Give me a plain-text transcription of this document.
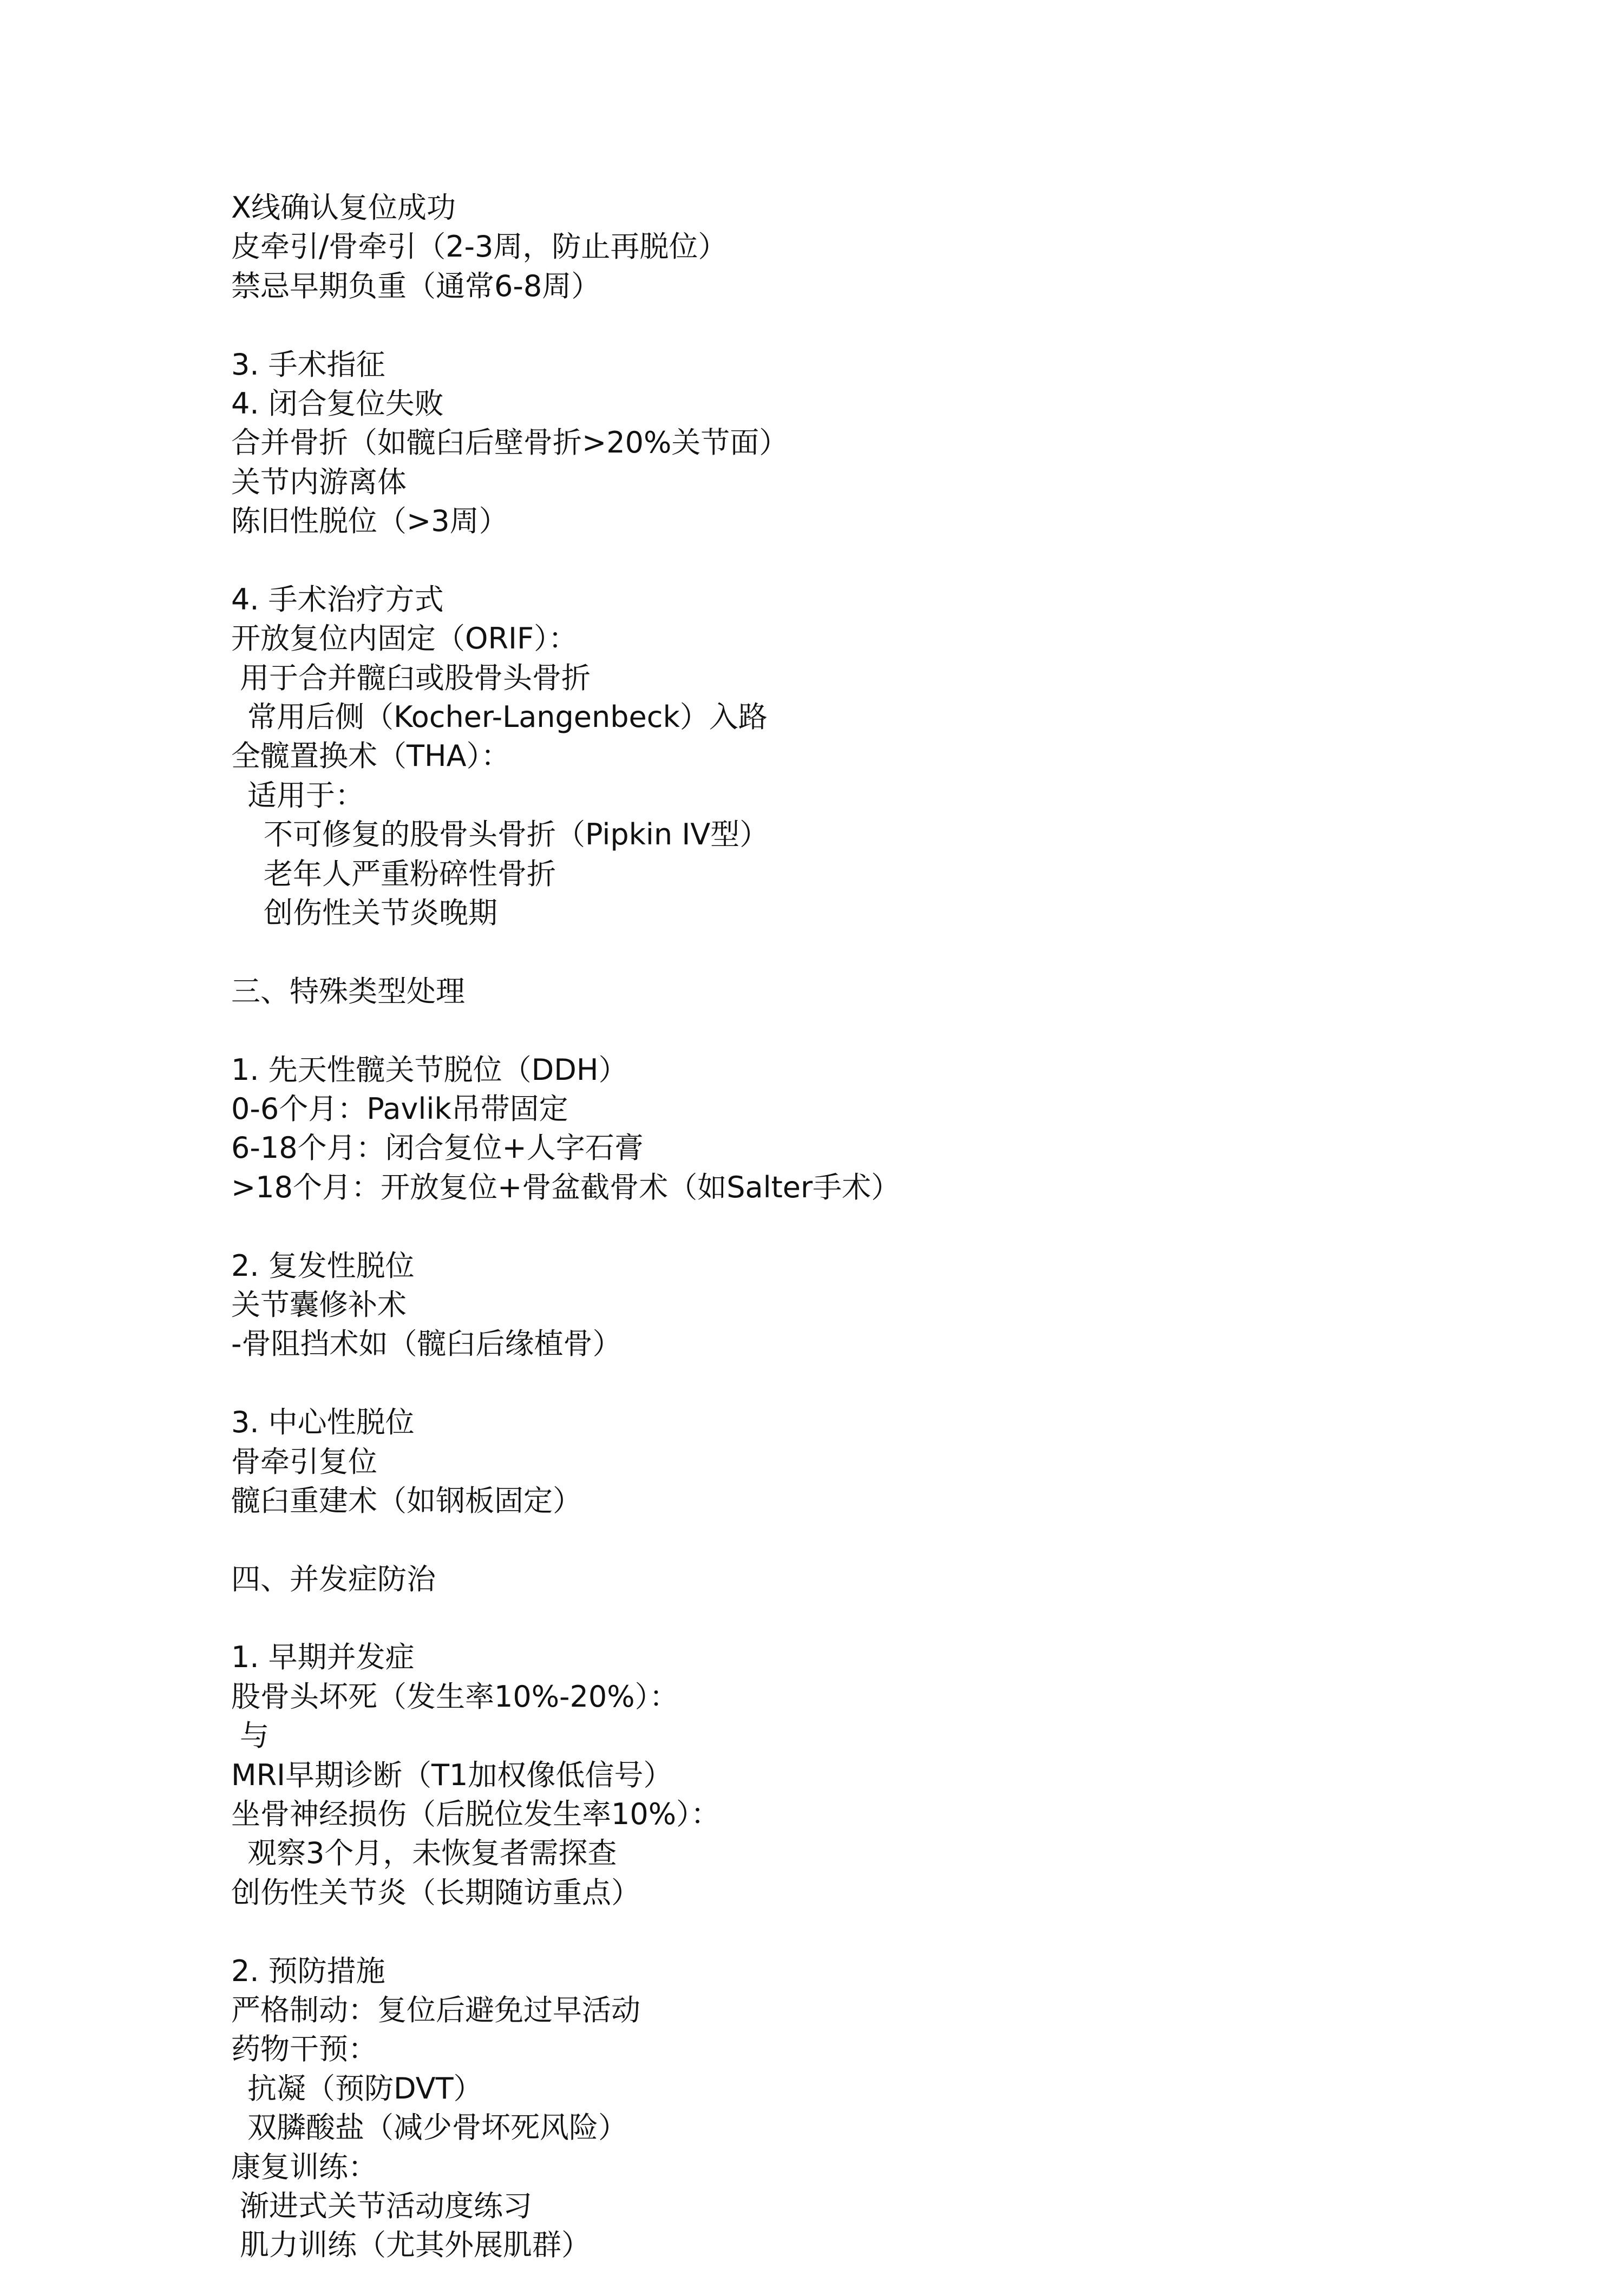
X线确认复位成功
皮牵引/骨牵引（2-3周，防止再脱位）
禁忌早期负重（通常6-8周）
3. 手术指征
4. 闭合复位失败
合并骨折（如髋臼后壁骨折>20%关节面）
关节内游离体
陈旧性脱位（>3周）
4. 手术治疗方式
开放复位内固定（ORIF）：
用于合并髋臼或股骨头骨折
常用后侧（Kocher-Langenbeck）入路
全髋置换术（THA）：
适用于：
不可修复的股骨头骨折（Pipkin IV型）
老年人严重粉碎性骨折
创伤性关节炎晚期
三、特殊类型处理
1. 先天性髋关节脱位（DDH）
0-6个月：Pavlik吊带固定
6-18个月：闭合复位+人字石膏
>18个月：开放复位+骨盆截骨术（如Salter手术）
2. 复发性脱位
关节囊修补术
-骨阻挡术如（髋臼后缘植骨）
3. 中心性脱位
骨牵引复位
髋臼重建术（如钢板固定）
四、并发症防治
1. 早期并发症
股骨头坏死（发生率10%-20%）：
与
MRI早期诊断（T1加权像低信号）
坐骨神经损伤（后脱位发生率10%）：
观察3个月，未恢复者需探查
创伤性关节炎（长期随访重点）
2. 预防措施
严格制动：复位后避免过早活动
药物干预：
抗凝（预防DVT）
双膦酸盐（减少骨坏死风险）
康复训练：
渐进式关节活动度练习
肌力训练（尤其外展肌群）
